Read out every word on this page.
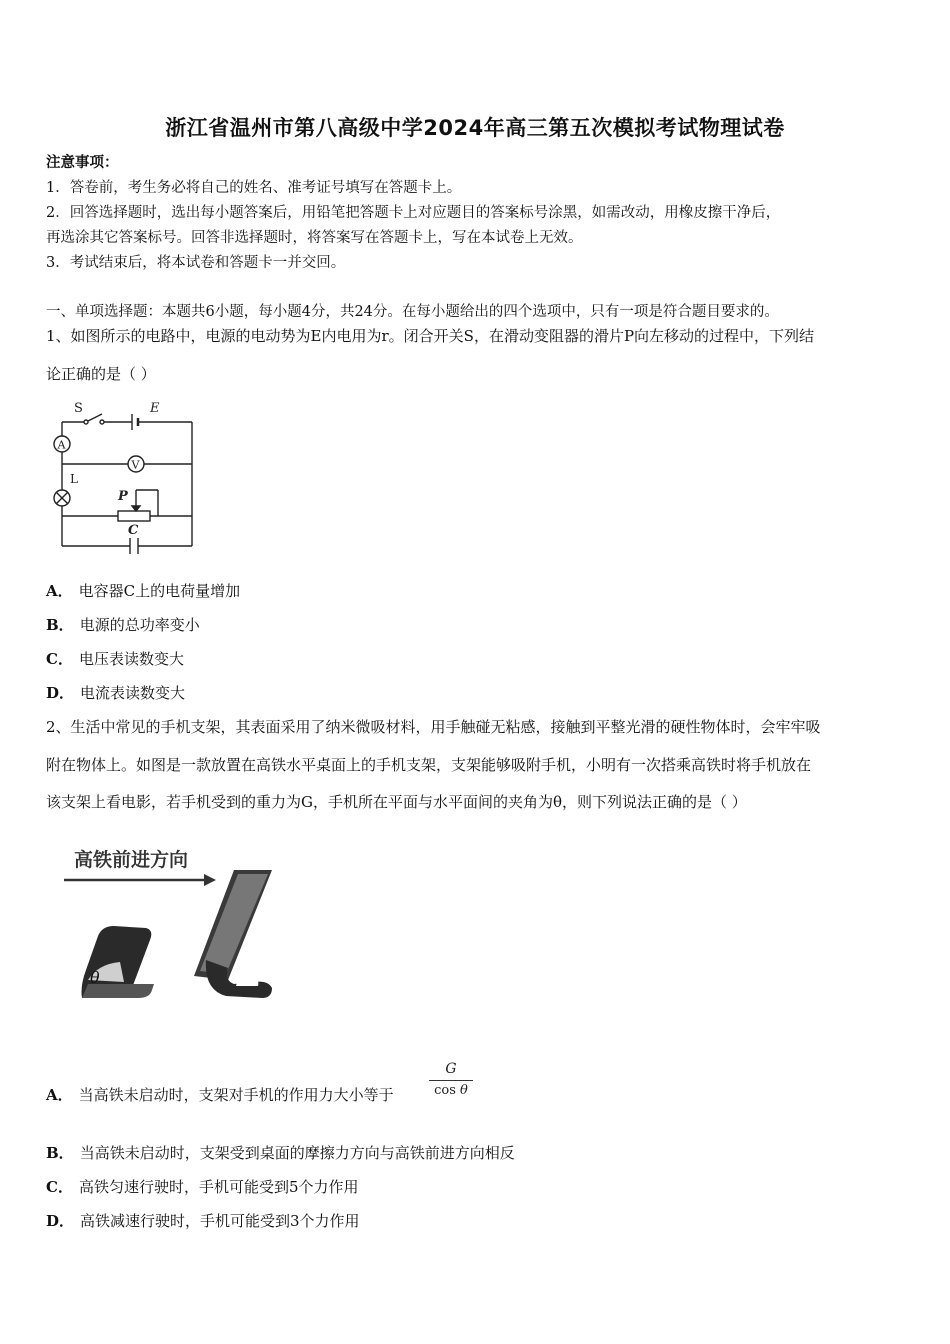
浙江省温州市第八高级中学2024年高三第五次模拟考试物理试卷
注意事项：
1．答卷前，考生务必将自己的姓名、准考证号填写在答题卡上。
2．回答选择题时，选出每小题答案后，用铅笔把答题卡上对应题目的答案标号涂黑，如需改动，用橡皮擦干净后，
再选涂其它答案标号。回答非选择题时，将答案写在答题卡上，写在本试卷上无效。
3．考试结束后，将本试卷和答题卡一并交回。
一、单项选择题：本题共6小题，每小题4分，共24分。在每小题给出的四个选项中，只有一项是符合题目要求的。
1、如图所示的电路中，电源的电动势为E内电用为r。闭合开关S，在滑动变阻器的滑片P向左移动的过程中，下列结
论正确的是（ ）
S	E
A
L
V
P
C
A． 电容器C上的电荷量增加
B． 电源的总功率变小
C． 电压表读数变大
D． 电流表读数变大
2、生活中常见的手机支架，其表面采用了纳米微吸材料，用手触碰无粘感，接触到平整光滑的硬性物体时，会牢牢吸
附在物体上。如图是一款放置在高铁水平桌面上的手机支架，支架能够吸附手机，小明有一次搭乘高铁时将手机放在
该支架上看电影，若手机受到的重力为G，手机所在平面与水平面间的夹角为θ，则下列说法正确的是（ ）
高铁前进方向
θ
A． 当高铁未启动时，支架对手机的作用力大小等于
G
cos θ
B． 当高铁未启动时，支架受到桌面的摩擦力方向与高铁前进方向相反
C． 高铁匀速行驶时，手机可能受到5个力作用
D． 高铁减速行驶时，手机可能受到3个力作用
